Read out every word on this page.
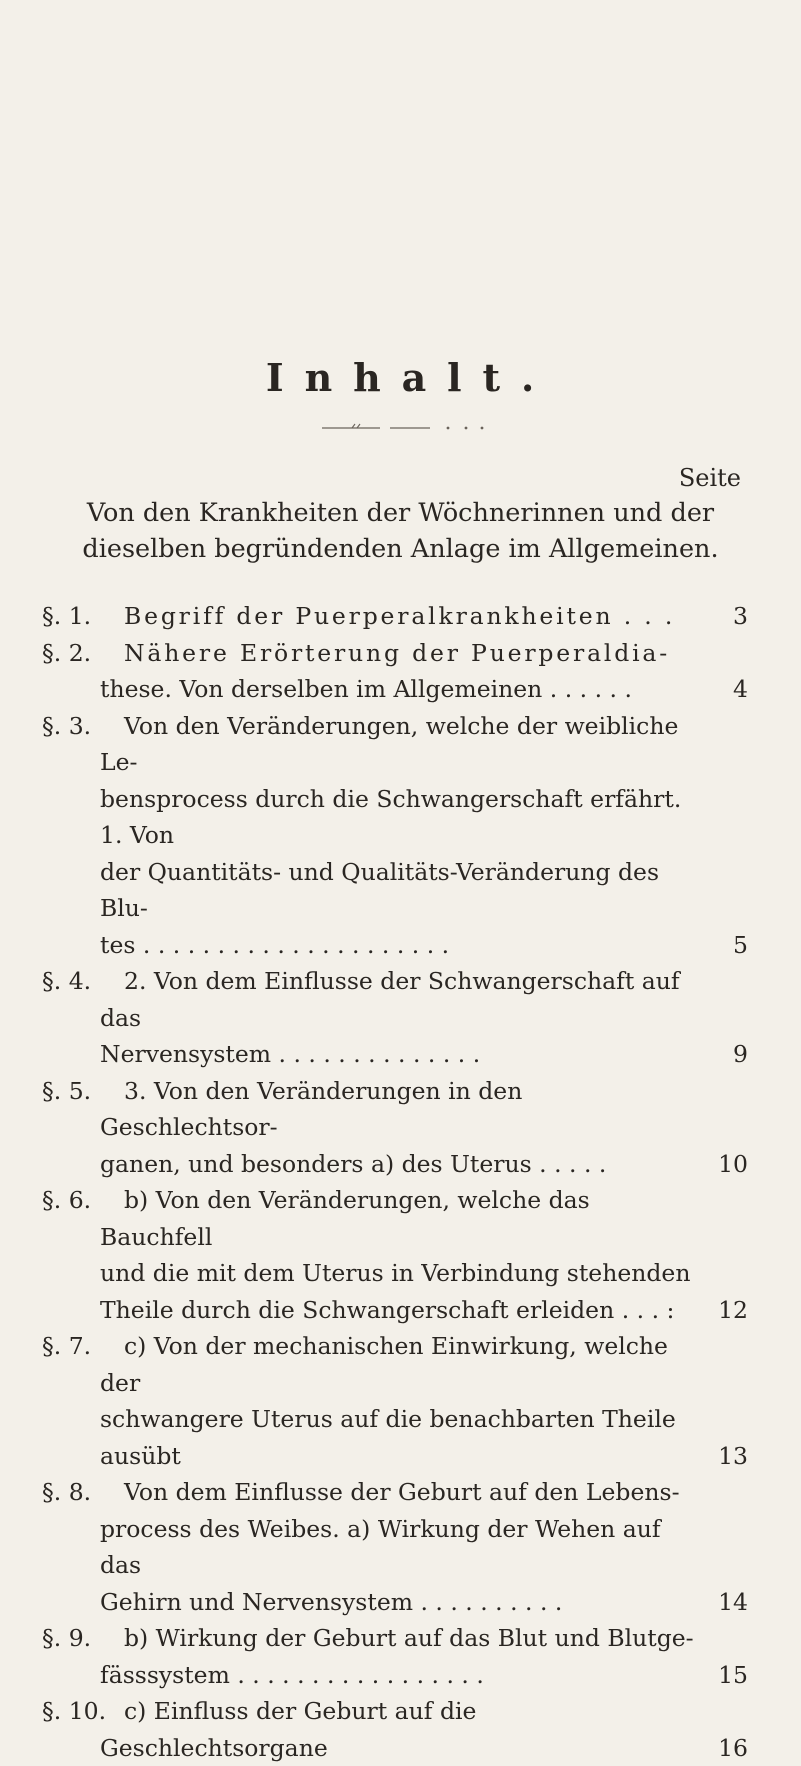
Inhalt.
Seite
Von den Krankheiten der Wöchnerinnen und der
dieselben begründenden Anlage im Allgemeinen.
§. 1.	Begriff der Puerperalkrankheiten . . .	3
§. 2.	Nähere Erörterung der Puerperaldia-
these. Von derselben im Allgemeinen . . . . . .	4
§. 3.	Von den Veränderungen, welche der weibliche Le-
bensprocess durch die Schwangerschaft erfährt. 1. Von
der Quantitäts- und Qualitäts-Veränderung des Blu-
tes . . . . . . . . . . . . . . . . . . . . .	5
§. 4.	2. Von dem Einflusse der Schwangerschaft auf das
Nervensystem . . . . . . . . . . . . . .	9
§. 5.	3. Von den Veränderungen in den Geschlechtsor-
ganen, und besonders a) des Uterus . . . . .	10
§. 6.	b) Von den Veränderungen, welche das Bauchfell
und die mit dem Uterus in Verbindung stehenden
Theile durch die Schwangerschaft erleiden . . . :	12
§. 7.	c) Von der mechanischen Einwirkung, welche der
schwangere Uterus auf die benachbarten Theile ausübt	13
§. 8.	Von dem Einflusse der Geburt auf den Lebens-
process des Weibes. a) Wirkung der Wehen auf das
Gehirn und Nervensystem . . . . . . . . . .	14
§. 9.	b) Wirkung der Geburt auf das Blut und Blutge-
fässsystem . . . . . . . . . . . . . . . . .	15
§. 10. c) Einfluss der Geburt auf die Geschlechtsorgane	16
